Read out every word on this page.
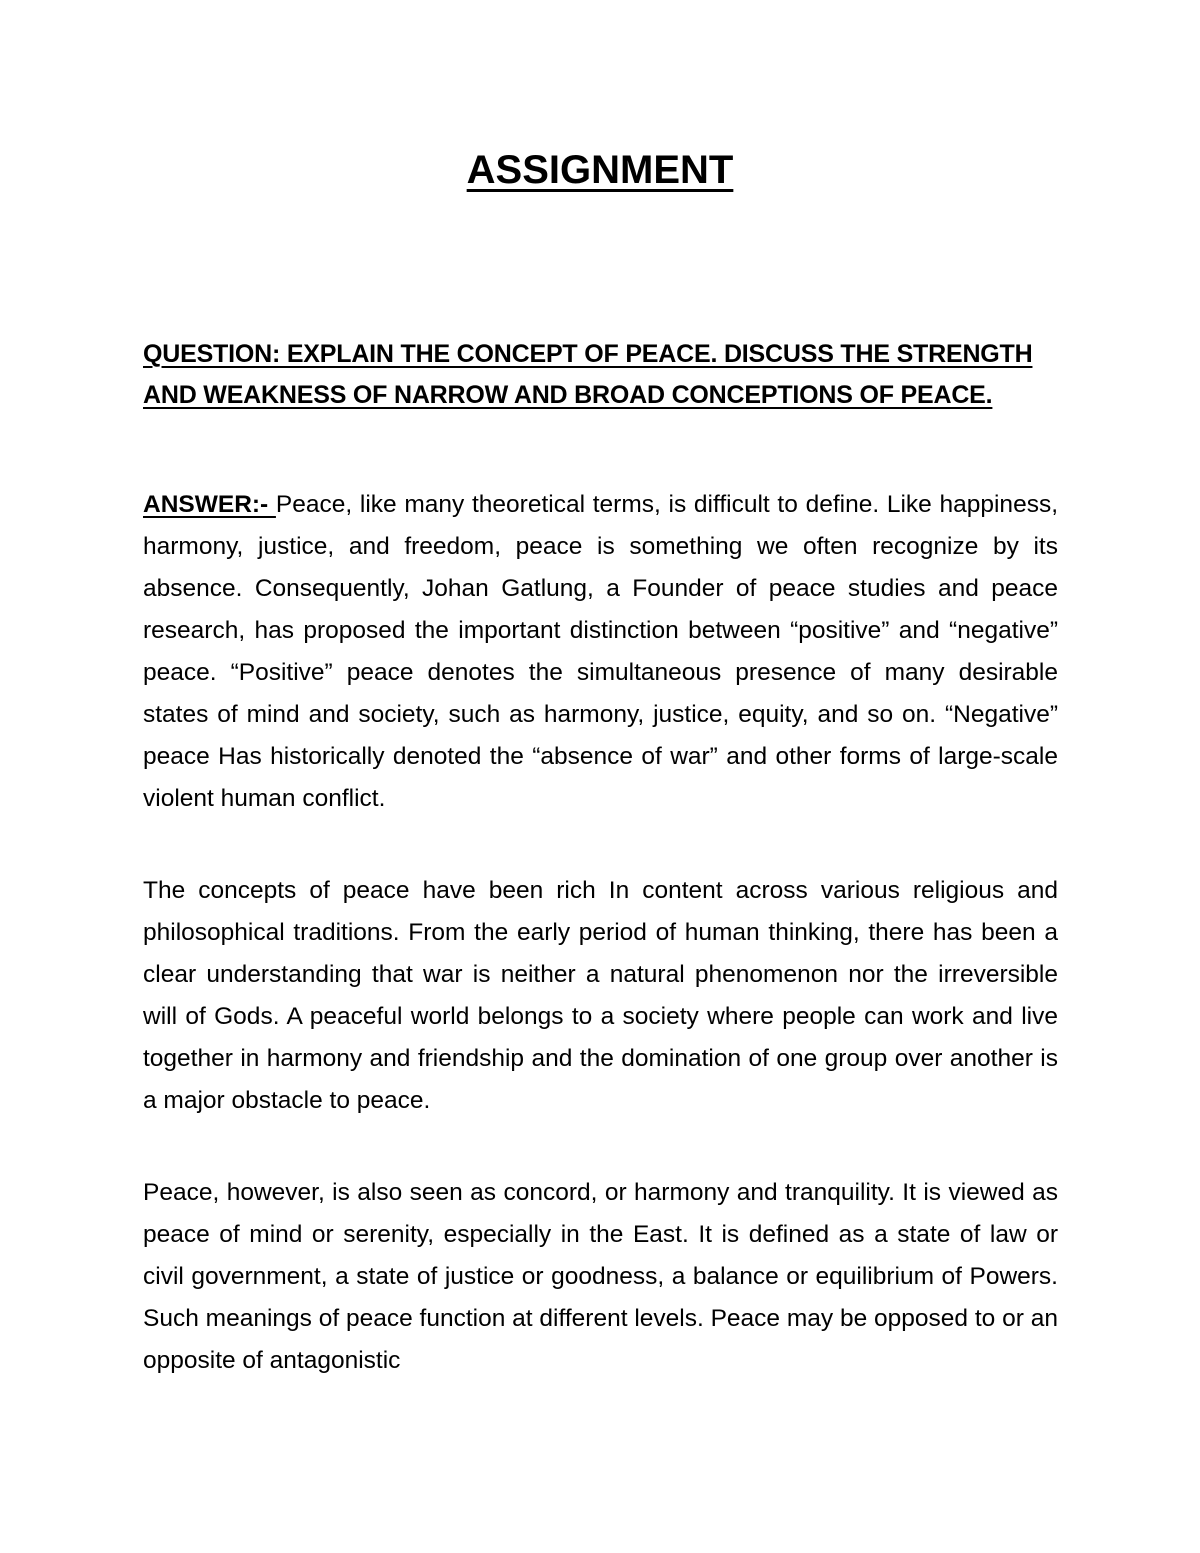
ASSIGNMENT

QUESTION: EXPLAIN THE CONCEPT OF PEACE. DISCUSS THE STRENGTH AND WEAKNESS OF NARROW AND BROAD CONCEPTIONS OF PEACE.

ANSWER:- Peace, like many theoretical terms, is difficult to define. Like happiness, harmony, justice, and freedom, peace is something we often recognize by its absence. Consequently, Johan Gatlung, a Founder of peace studies and peace research, has proposed the important distinction between “positive” and “negative” peace. “Positive” peace denotes the simultaneous presence of many desirable states of mind and society, such as harmony, justice, equity, and so on. “Negative” peace Has historically denoted the “absence of war” and other forms of large-scale violent human conflict.

The concepts of peace have been rich In content across various religious and philosophical traditions. From the early period of human thinking, there has been a clear understanding that war is neither a natural phenomenon nor the irreversible will of Gods. A peaceful world belongs to a society where people can work and live together in harmony and friendship and the domination of one group over another is a major obstacle to peace.

Peace, however, is also seen as concord, or harmony and tranquility. It is viewed as peace of mind or serenity, especially in the East. It is defined as a state of law or civil government, a state of justice or goodness, a balance or equilibrium of Powers. Such meanings of peace function at different levels. Peace may be opposed to or an opposite of antagonistic
